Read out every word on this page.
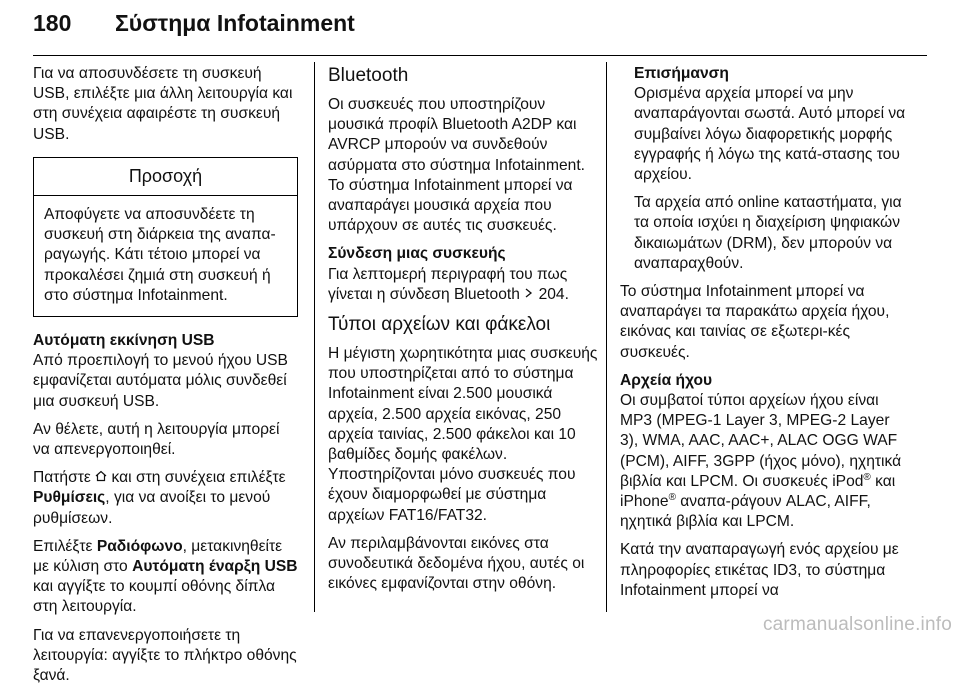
180 Σύστημα Infotainment

Για να αποσυνδέσετε τη συσκευή USB, επιλέξτε μια άλλη λειτουργία και στη συνέχεια αφαιρέστε τη συσκευή USB.

Προσοχή
Αποφύγετε να αποσυνδέετε τη συσκευή στη διάρκεια της αναπα-ραγωγής. Κάτι τέτοιο μπορεί να προκαλέσει ζημιά στη συσκευή ή στο σύστημα Infotainment.

Αυτόματη εκκίνηση USB

Από προεπιλογή το μενού ήχου USB εμφανίζεται αυτόματα μόλις συνδεθεί μια συσκευή USB.

Αν θέλετε, αυτή η λειτουργία μπορεί να απενεργοποιηθεί.

Πατήστε και στη συνέχεια επιλέξτε Ρυθμίσεις, για να ανοίξει το μενού ρυθμίσεων.

Επιλέξτε Ραδιόφωνο, μετακινηθείτε με κύλιση στο Αυτόματη έναρξη USB και αγγίξτε το κουμπί οθόνης δίπλα στη λειτουργία.

Για να επανενεργοποιήσετε τη λειτουργία: αγγίξτε το πλήκτρο οθόνης ξανά.

Bluetooth

Οι συσκευές που υποστηρίζουν μουσικά προφίλ Bluetooth A2DP και AVRCP μπορούν να συνδεθούν ασύρματα στο σύστημα Infotainment. Το σύστημα Infotainment μπορεί να αναπαράγει μουσικά αρχεία που υπάρχουν σε αυτές τις συσκευές.

Σύνδεση μιας συσκευής

Για λεπτομερή περιγραφή του πως γίνεται η σύνδεση Bluetooth 204.

Τύποι αρχείων και φάκελοι

Η μέγιστη χωρητικότητα μιας συσκευής που υποστηρίζεται από το σύστημα Infotainment είναι 2.500 μουσικά αρχεία, 2.500 αρχεία εικόνας, 250 αρχεία ταινίας, 2.500 φάκελοι και 10 βαθμίδες δομής φακέλων. Υποστηρίζονται μόνο συσκευές που έχουν διαμορφωθεί με σύστημα αρχείων FAT16/FAT32.

Αν περιλαμβάνονται εικόνες στα συνοδευτικά δεδομένα ήχου, αυτές οι εικόνες εμφανίζονται στην οθόνη.

Επισήμανση

Ορισμένα αρχεία μπορεί να μην αναπαράγονται σωστά. Αυτό μπορεί να συμβαίνει λόγω διαφορετικής μορφής εγγραφής ή λόγω της κατά-στασης του αρχείου.

Τα αρχεία από online καταστήματα, για τα οποία ισχύει η διαχείριση ψηφιακών δικαιωμάτων (DRM), δεν μπορούν να αναπαραχθούν.

Το σύστημα Infotainment μπορεί να αναπαράγει τα παρακάτω αρχεία ήχου, εικόνας και ταινίας σε εξωτερι-κές συσκευές.

Αρχεία ήχου

Οι συμβατοί τύποι αρχείων ήχου είναι MP3 (MPEG-1 Layer 3, MPEG-2 Layer 3), WMA, AAC, AAC+, ALAC OGG WAF (PCM), AIFF, 3GPP (ήχος μόνο), ηχητικά βιβλία και LPCM. Οι συσκευές iPod® και iPhone® αναπα-ράγουν ALAC, AIFF, ηχητικά βιβλία και LPCM.

Κατά την αναπαραγωγή ενός αρχείου με πληροφορίες ετικέτας ID3, το σύστημα Infotainment μπορεί να

carmanualsonline.info
